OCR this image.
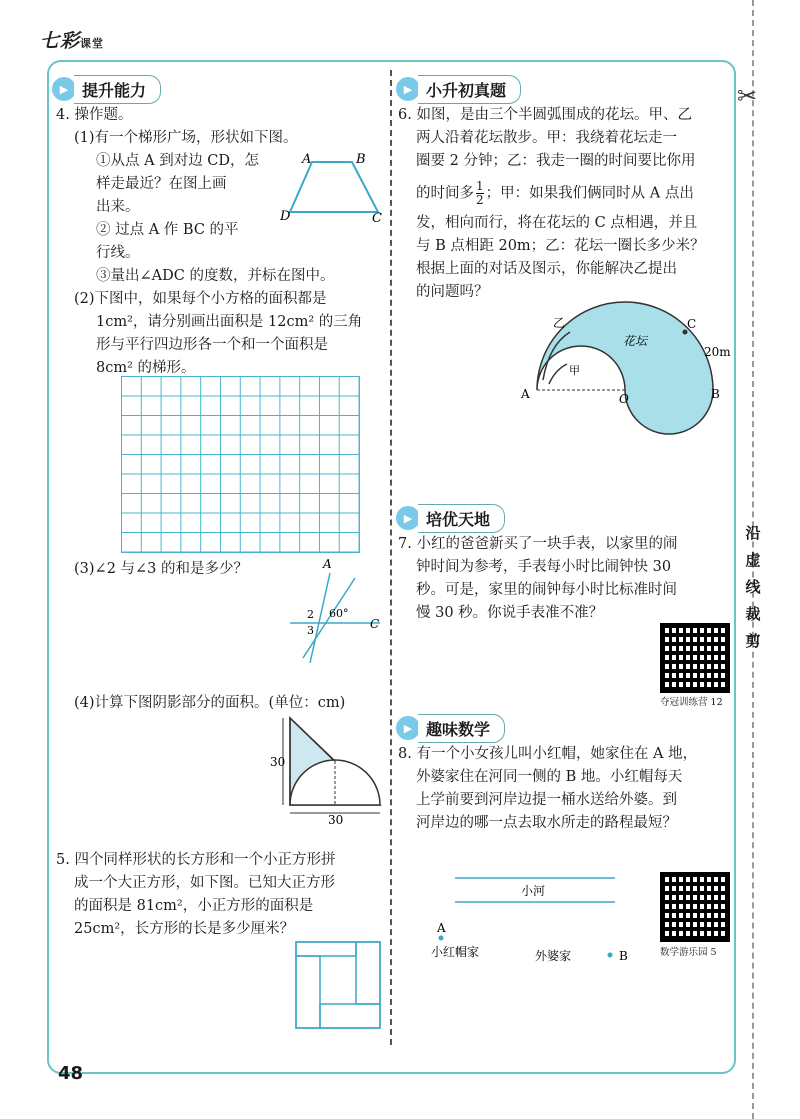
七彩课堂
✂
沿
虚
线
裁
剪
▶ 提升能力
4. 操作题。
(1)有一个梯形广场，形状如下图。
①从点 A 到对边 CD，怎
样走最近？在图上画
出来。
② 过点 A 作 BC 的平
行线。
③量出∠ADC 的度数，并标在图中。
A	B
C
D
(2)下图中，如果每个小方格的面积都是
1cm²，请分别画出面积是 12cm² 的三角
形与平行四边形各一个和一个面积是
8cm² 的梯形。
(3)∠2 与∠3 的和是多少？	A
C
2
3
60°
(4)计算下图阴影部分的面积。(单位：cm)
30
30
5. 四个同样形状的长方形和一个小正方形拼
成一个大正方形，如下图。已知大正方形
的面积是 81cm²，小正方形的面积是
25cm²，长方形的长是多少厘米？
▶ 小升初真题
6. 如图，是由三个半圆弧围成的花坛。甲、乙
两人沿着花坛散步。甲：我绕着花坛走一
圈要 2 分钟；乙：我走一圈的时间要比你用
的时间多 $\frac{1}{2}$ ；甲：如果我们俩同时从 A 点出
发，相向而行，将在花坛的 C 点相遇，并且
与 B 点相距 20m；乙：花坛一圈长多少米？
根据上面的对话及图示，你能解决乙提出
的问题吗？
乙
甲
花坛
C
20m
A	O	B
▶ 培优天地
7. 小红的爸爸新买了一块手表，以家里的闹
钟时间为参考，手表每小时比闹钟快 30
秒。可是，家里的闹钟每小时比标准时间
慢 30 秒。你说手表准不准？
夺冠训练营 12
▶ 趣味数学
8. 有一个小女孩儿叫小红帽，她家住在 A 地，
外婆家住在河同一侧的 B 地。小红帽每天
上学前要到河岸边提一桶水送给外婆。到
河岸边的哪一点去取水所走的路程最短？
小河
A
小红帽家	外婆家	B	数学游乐园 5
48
